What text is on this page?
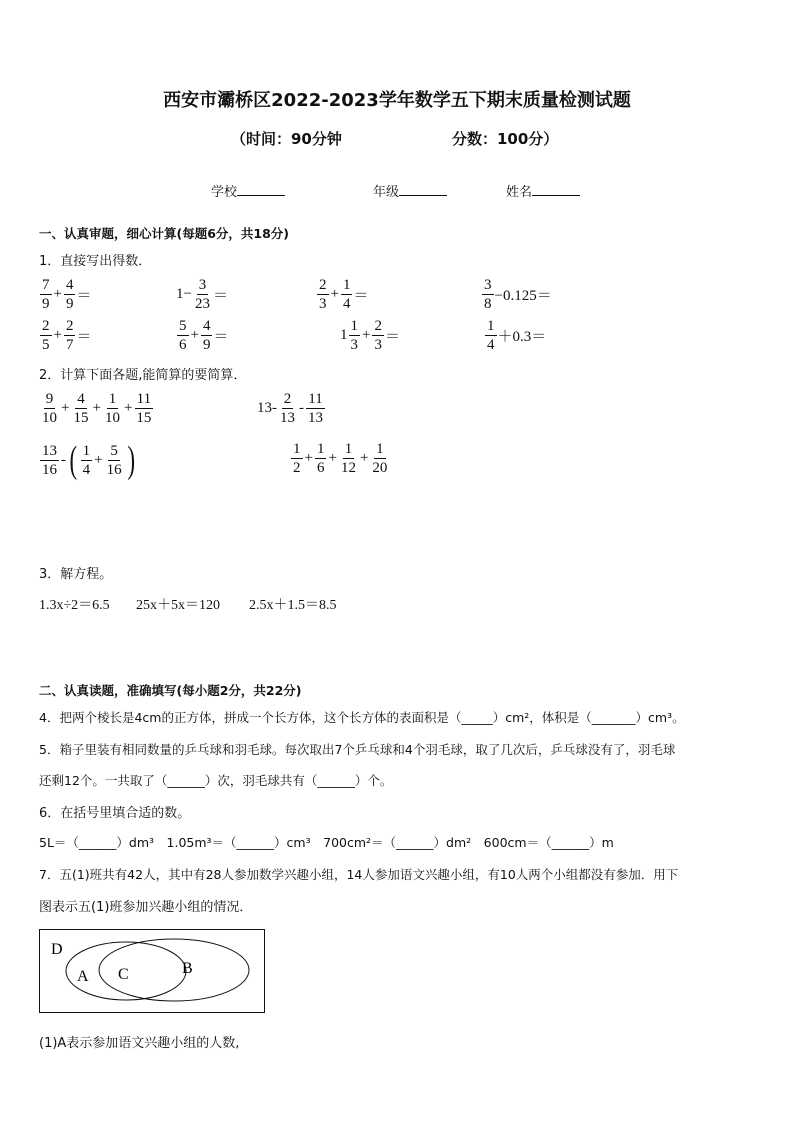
西安市灞桥区2022-2023学年数学五下期末质量检测试题
（时间：90分钟	分数：100分）
学校	年级	姓名
一、认真审题，细心计算(每题6分，共18分)
1．直接写出得数．
$\frac{7}{9} + \frac{4}{9}$ ＝	$1- \frac{3}{23}$ ＝	$\frac{2}{3} + \frac{1}{4}$ ＝	$\frac{3}{8} -0.125=$
$\frac{2}{5} + \frac{2}{7}$ ＝	$\frac{5}{6} + \frac{4}{9}$ ＝	$1 \frac{1}{3} + \frac{2}{3}$ ＝	$\frac{1}{4} +0.3=$
2．计算下面各题,能简算的要简算．
$\frac{9}{10} + \frac{4}{15} + \frac{1}{10} + \frac{11}{15}$	$13- \frac{2}{13} - \frac{11}{13}$
$\frac{13}{16}$ - ( $\frac{1}{4} + \frac{5}{16}$ )	$\frac{1}{2} + \frac{1}{6} + \frac{1}{12} + \frac{1}{20}$
3．解方程。
1.3x÷2＝6.5 25x＋5x＝120 2.5x＋1.5＝8.5
二、认真读题，准确填写(每小题2分，共22分)
4．把两个棱长是4cm的正方体，拼成一个长方体，这个长方体的表面积是（_____）cm²，体积是（_______）cm³。
5．箱子里装有相同数量的乒乓球和羽毛球。每次取出7个乒乓球和4个羽毛球，取了几次后，乒乓球没有了，羽毛球
还剩12个。一共取了（______）次，羽毛球共有（______）个。
6．在括号里填合适的数。
5L＝（______）dm³　1.05m³＝（______）cm³　700cm²＝（______）dm²　600cm＝（______）m
7．五(1)班共有42人，其中有28人参加数学兴趣小组，14人参加语文兴趣小组，有10人两个小组都没有参加．用下
图表示五(1)班参加兴趣小组的情况．
D
A C	B
(1)A表示参加语文兴趣小组的人数,
